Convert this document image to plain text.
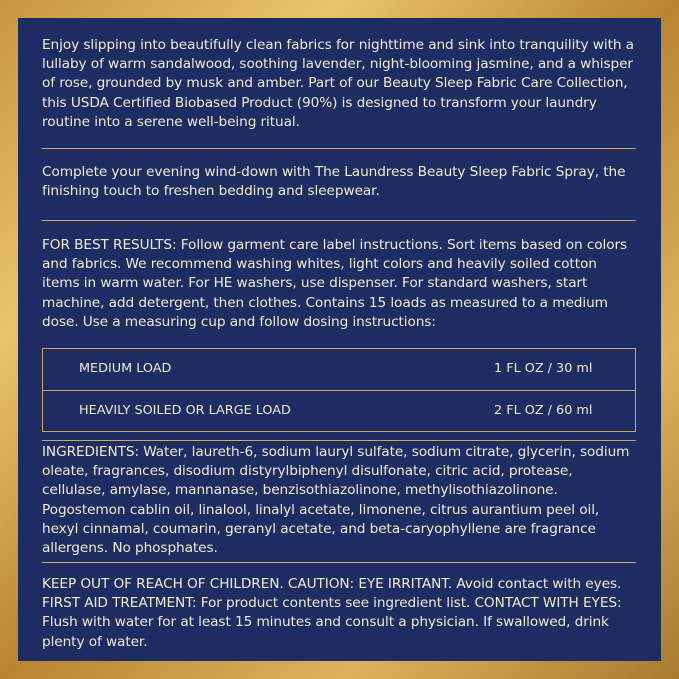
Enjoy slipping into beautifully clean fabrics for nighttime and sink into tranquility with a lullaby of warm sandalwood, soothing lavender, night-blooming jasmine, and a whisper of rose, grounded by musk and amber. Part of our Beauty Sleep Fabric Care Collection, this USDA Certified Biobased Product (90%) is designed to transform your laundry routine into a serene well-being ritual.

Complete your evening wind-down with The Laundress Beauty Sleep Fabric Spray, the finishing touch to freshen bedding and sleepwear.

FOR BEST RESULTS: Follow garment care label instructions. Sort items based on colors and fabrics. We recommend washing whites, light colors and heavily soiled cotton items in warm water. For HE washers, use dispenser. For standard washers, start machine, add detergent, then clothes. Contains 15 loads as measured to a medium dose. Use a measuring cup and follow dosing instructions:

MEDIUM LOAD	1 FL OZ / 30 ml
HEAVILY SOILED OR LARGE LOAD	2 FL OZ / 60 ml

INGREDIENTS: Water, laureth-6, sodium lauryl sulfate, sodium citrate, glycerin, sodium oleate, fragrances, disodium distyrylbiphenyl disulfonate, citric acid, protease, cellulase, amylase, mannanase, benzisothiazolinone, methylisothiazolinone. Pogostemon cablin oil, linalool, linalyl acetate, limonene, citrus aurantium peel oil, hexyl cinnamal, coumarin, geranyl acetate, and beta-caryophyllene are fragrance allergens. No phosphates.

KEEP OUT OF REACH OF CHILDREN. CAUTION: EYE IRRITANT. Avoid contact with eyes. FIRST AID TREATMENT: For product contents see ingredient list. CONTACT WITH EYES: Flush with water for at least 15 minutes and consult a physician. If swallowed, drink plenty of water.
